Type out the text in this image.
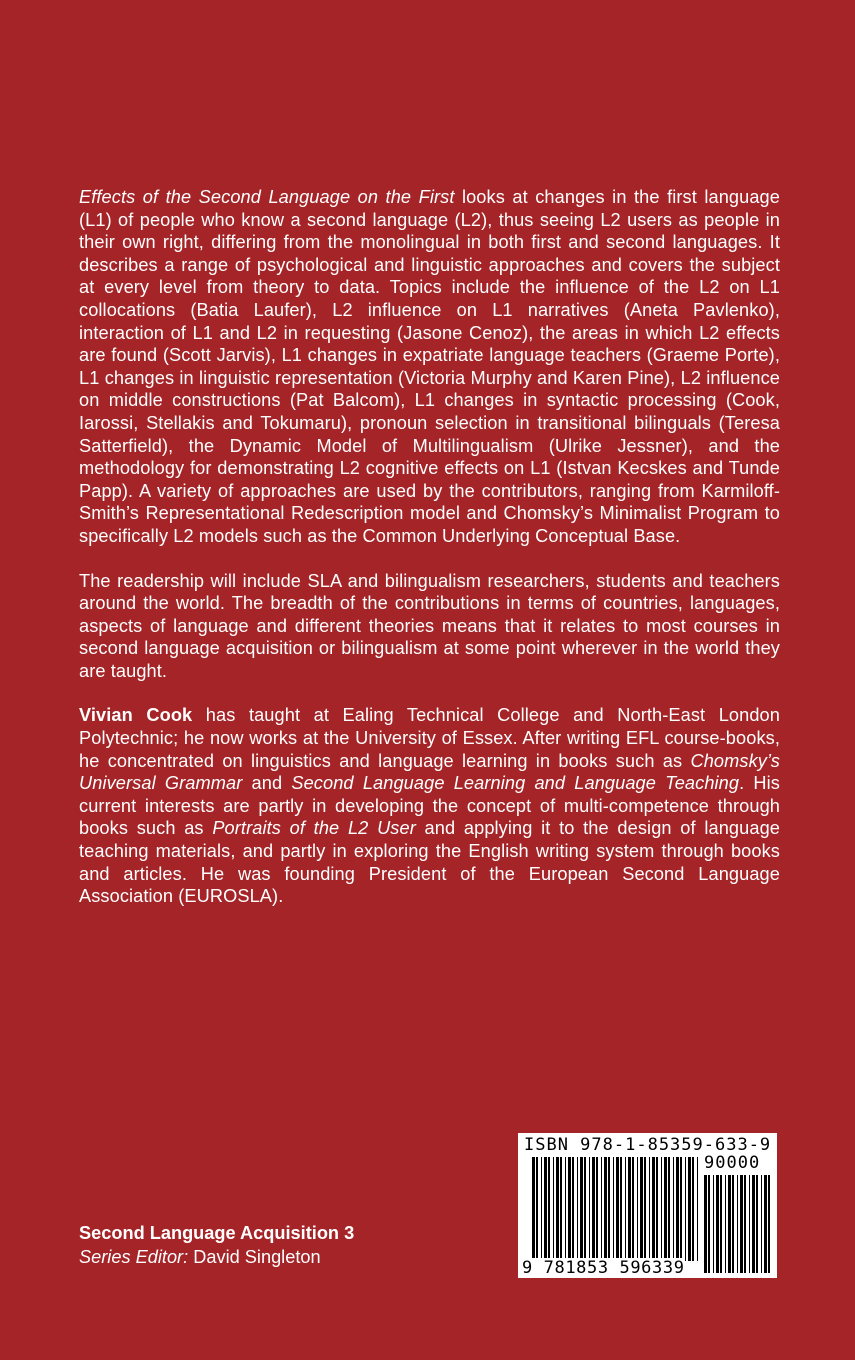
Effects of the Second Language on the First looks at changes in the first language (L1) of people who know a second language (L2), thus seeing L2 users as people in their own right, differing from the monolingual in both first and second languages. It describes a range of psychological and linguistic approaches and covers the subject at every level from theory to data. Topics include the influence of the L2 on L1 collocations (Batia Laufer), L2 influence on L1 narratives (Aneta Pavlenko), interaction of L1 and L2 in requesting (Jasone Cenoz), the areas in which L2 effects are found (Scott Jarvis), L1 changes in expatriate language teachers (Graeme Porte), L1 changes in linguistic representation (Victoria Murphy and Karen Pine), L2 influence on middle constructions (Pat Balcom), L1 changes in syntactic processing (Cook, Iarossi, Stellakis and Tokumaru), pronoun selection in transitional bilinguals (Teresa Satterfield), the Dynamic Model of Multilingualism (Ulrike Jessner), and the methodology for demonstrating L2 cognitive effects on L1 (Istvan Kecskes and Tunde Papp). A variety of approaches are used by the contributors, ranging from Karmiloff-Smith’s Representational Redescription model and Chomsky’s Minimalist Program to specifically L2 models such as the Common Underlying Conceptual Base.

The readership will include SLA and bilingualism researchers, students and teachers around the world. The breadth of the contributions in terms of countries, languages, aspects of language and different theories means that it relates to most courses in second language acquisition or bilingualism at some point wherever in the world they are taught.

Vivian Cook has taught at Ealing Technical College and North-East London Polytechnic; he now works at the University of Essex. After writing EFL course-books, he concentrated on linguistics and language learning in books such as Chomsky’s Universal Grammar and Second Language Learning and Language Teaching. His current interests are partly in developing the concept of multi-competence through books such as Portraits of the L2 User and applying it to the design of language teaching materials, and partly in exploring the English writing system through books and articles. He was founding President of the European Second Language Association (EUROSLA).

Second Language Acquisition 3
Series Editor: David Singleton
ISBN 978-1-85359-633-9
90000
9 781853 596339
